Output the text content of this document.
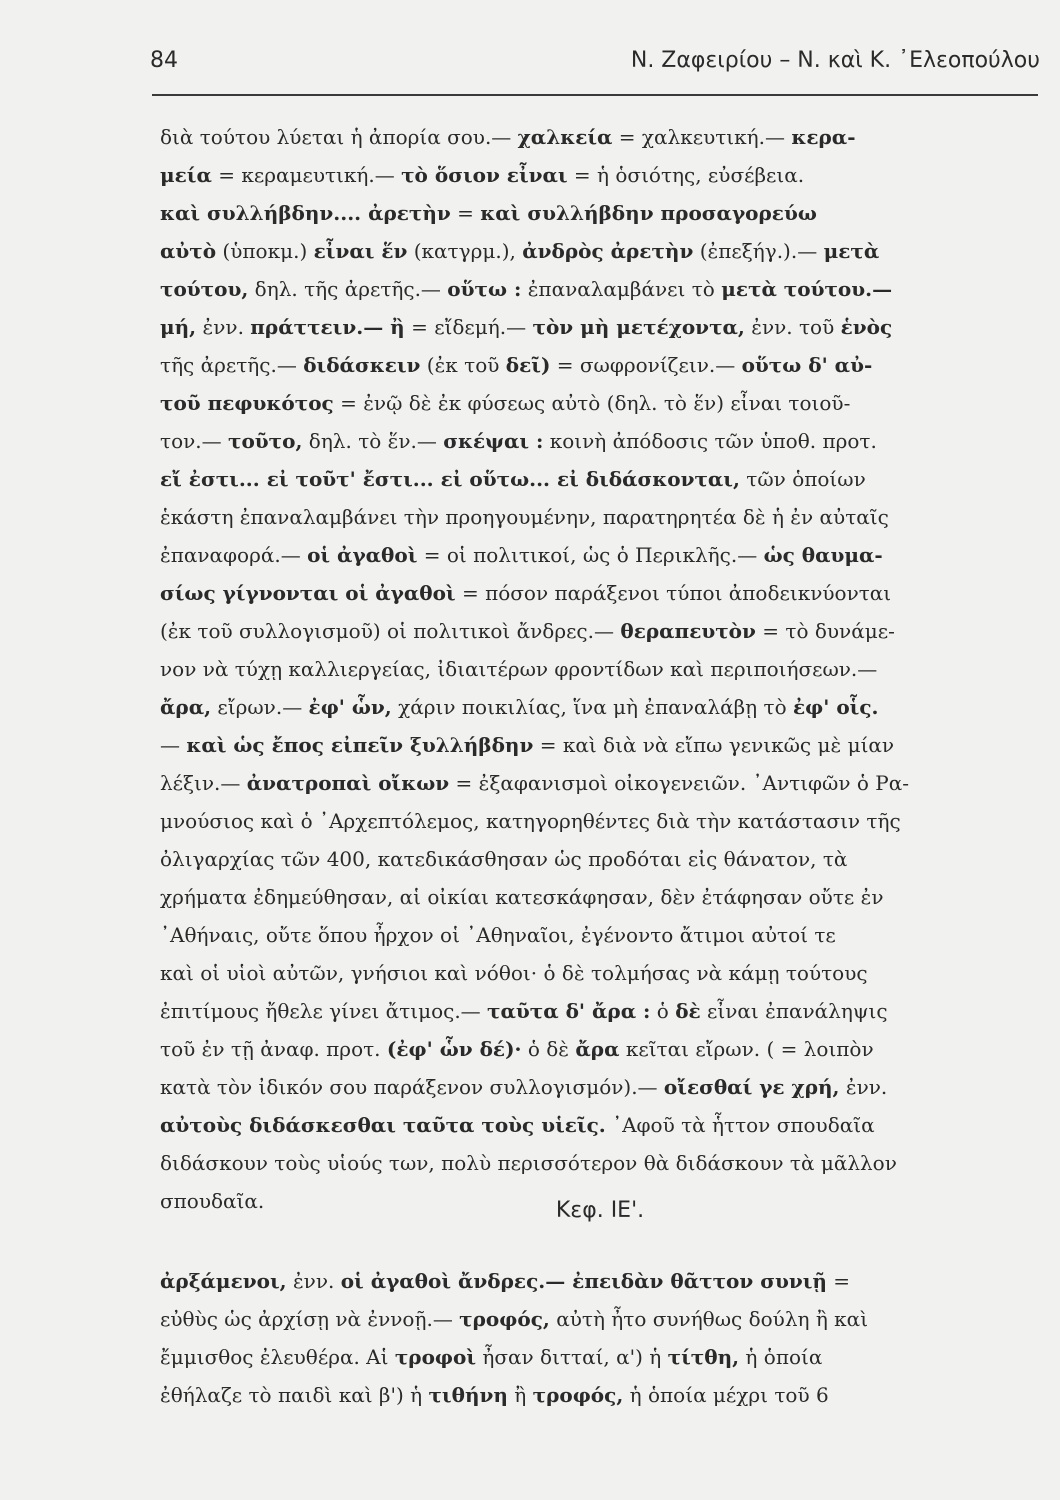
84	Ν. Ζαφειρίου – Ν. καὶ Κ. ᾿Ελεοπούλου
διὰ τούτου λύεται ἡ ἀπορία σου.— χαλκεία = χαλκευτική.— κερα-
μεία = κεραμευτική.— τὸ ὅσιον εἶναι = ἡ ὁσιότης, εὐσέβεια.
καὶ συλλήβδην.... ἀρετὴν = καὶ συλλήβδην προσαγορεύω
αὐτὸ (ὑποκμ.) εἶναι ἕν (κατγρμ.), ἀνδρὸς ἀρετὴν (ἐπεξήγ.).— μετὰ
τούτου, δηλ. τῆς ἀρετῆς.— οὕτω : ἐπαναλαμβάνει τὸ μετὰ τούτου.—
μή, ἐνν. πράττειν.— ἢ = εἴδεμή.— τὸν μὴ μετέχοντα, ἐνν. τοῦ ἑνὸς
τῆς ἀρετῆς.— διδάσκειν (ἐκ τοῦ δεῖ) = σωφρονίζειν.— οὕτω δ' αὐ-
τοῦ πεφυκότος = ἐνῷ δὲ ἐκ φύσεως αὐτὸ (δηλ. τὸ ἕν) εἶναι τοιοῦ-
τον.— τοῦτο, δηλ. τὸ ἕν.— σκέψαι : κοινὴ ἀπόδοσις τῶν ὑποθ. προτ.
εἴ ἐστι... εἰ τοῦτ' ἔστι... εἰ οὕτω... εἰ διδάσκονται, τῶν ὁποίων
ἑκάστη ἐπαναλαμβάνει τὴν προηγουμένην, παρατηρητέα δὲ ἡ ἐν αὐταῖς
ἐπαναφορά.— οἱ ἀγαθοὶ = οἱ πολιτικοί, ὡς ὁ Περικλῆς.— ὡς θαυμα-
σίως γίγνονται οἱ ἀγαθοὶ = πόσον παράξενοι τύποι ἀποδεικνύονται
(ἐκ τοῦ συλλογισμοῦ) οἱ πολιτικοὶ ἄνδρες.— θεραπευτὸν = τὸ δυνάμε-
νον νὰ τύχῃ καλλιεργείας, ἰδιαιτέρων φροντίδων καὶ περιποιήσεων.—
ἄρα, εἴρων.— ἐφ' ὧν, χάριν ποικιλίας, ἵνα μὴ ἐπαναλάβῃ τὸ ἐφ' οἷς.
— καὶ ὡς ἔπος εἰπεῖν ξυλλήβδην = καὶ διὰ νὰ εἴπω γενικῶς μὲ μίαν
λέξιν.— ἀνατροπαὶ οἴκων = ἐξαφανισμοὶ οἰκογενειῶν. ᾿Αντιφῶν ὁ Ρα-
μνούσιος καὶ ὁ ᾿Αρχεπτόλεμος, κατηγορηθέντες διὰ τὴν κατάστασιν τῆς
ὀλιγαρχίας τῶν 400, κατεδικάσθησαν ὡς προδόται εἰς θάνατον, τὰ
χρήματα ἐδημεύθησαν, αἱ οἰκίαι κατεσκάφησαν, δὲν ἐτάφησαν οὔτε ἐν
᾿Αθήναις, οὔτε ὅπου ἦρχον οἱ ᾿Αθηναῖοι, ἐγένοντο ἄτιμοι αὐτοί τε
καὶ οἱ υἱοὶ αὐτῶν, γνήσιοι καὶ νόθοι· ὁ δὲ τολμήσας νὰ κάμῃ τούτους
ἐπιτίμους ἤθελε γίνει ἄτιμος.— ταῦτα δ' ἄρα : ὁ δὲ εἶναι ἐπανάληψις
τοῦ ἐν τῇ ἀναφ. προτ. (ἐφ' ὧν δέ)· ὁ δὲ ἄρα κεῖται εἴρων. ( = λοιπὸν
κατὰ τὸν ἰδικόν σου παράξενον συλλογισμόν).— οἴεσθαί γε χρή, ἐνν.
αὐτοὺς διδάσκεσθαι ταῦτα τοὺς υἱεῖς. ᾿Αφοῦ τὰ ἧττον σπουδαῖα
διδάσκουν τοὺς υἱούς των, πολὺ περισσότερον θὰ διδάσκουν τὰ μᾶλλον
σπουδαῖα.	Κεφ. ΙΕ'.
ἀρξάμενοι, ἐνν. οἱ ἀγαθοὶ ἄνδρες.— ἐπειδὰν θᾶττον συνιῇ =
εὐθὺς ὡς ἀρχίσῃ νὰ ἐννοῇ.— τροφός, αὐτὴ ἦτο συνήθως δούλη ἢ καὶ
ἔμμισθος ἐλευθέρα. Αἱ τροφοὶ ἦσαν διτταί, α') ἡ τίτθη, ἡ ὁποία
ἐθήλαζε τὸ παιδὶ καὶ β') ἡ τιθήνη ἢ τροφός, ἡ ὁποία μέχρι τοῦ 6
